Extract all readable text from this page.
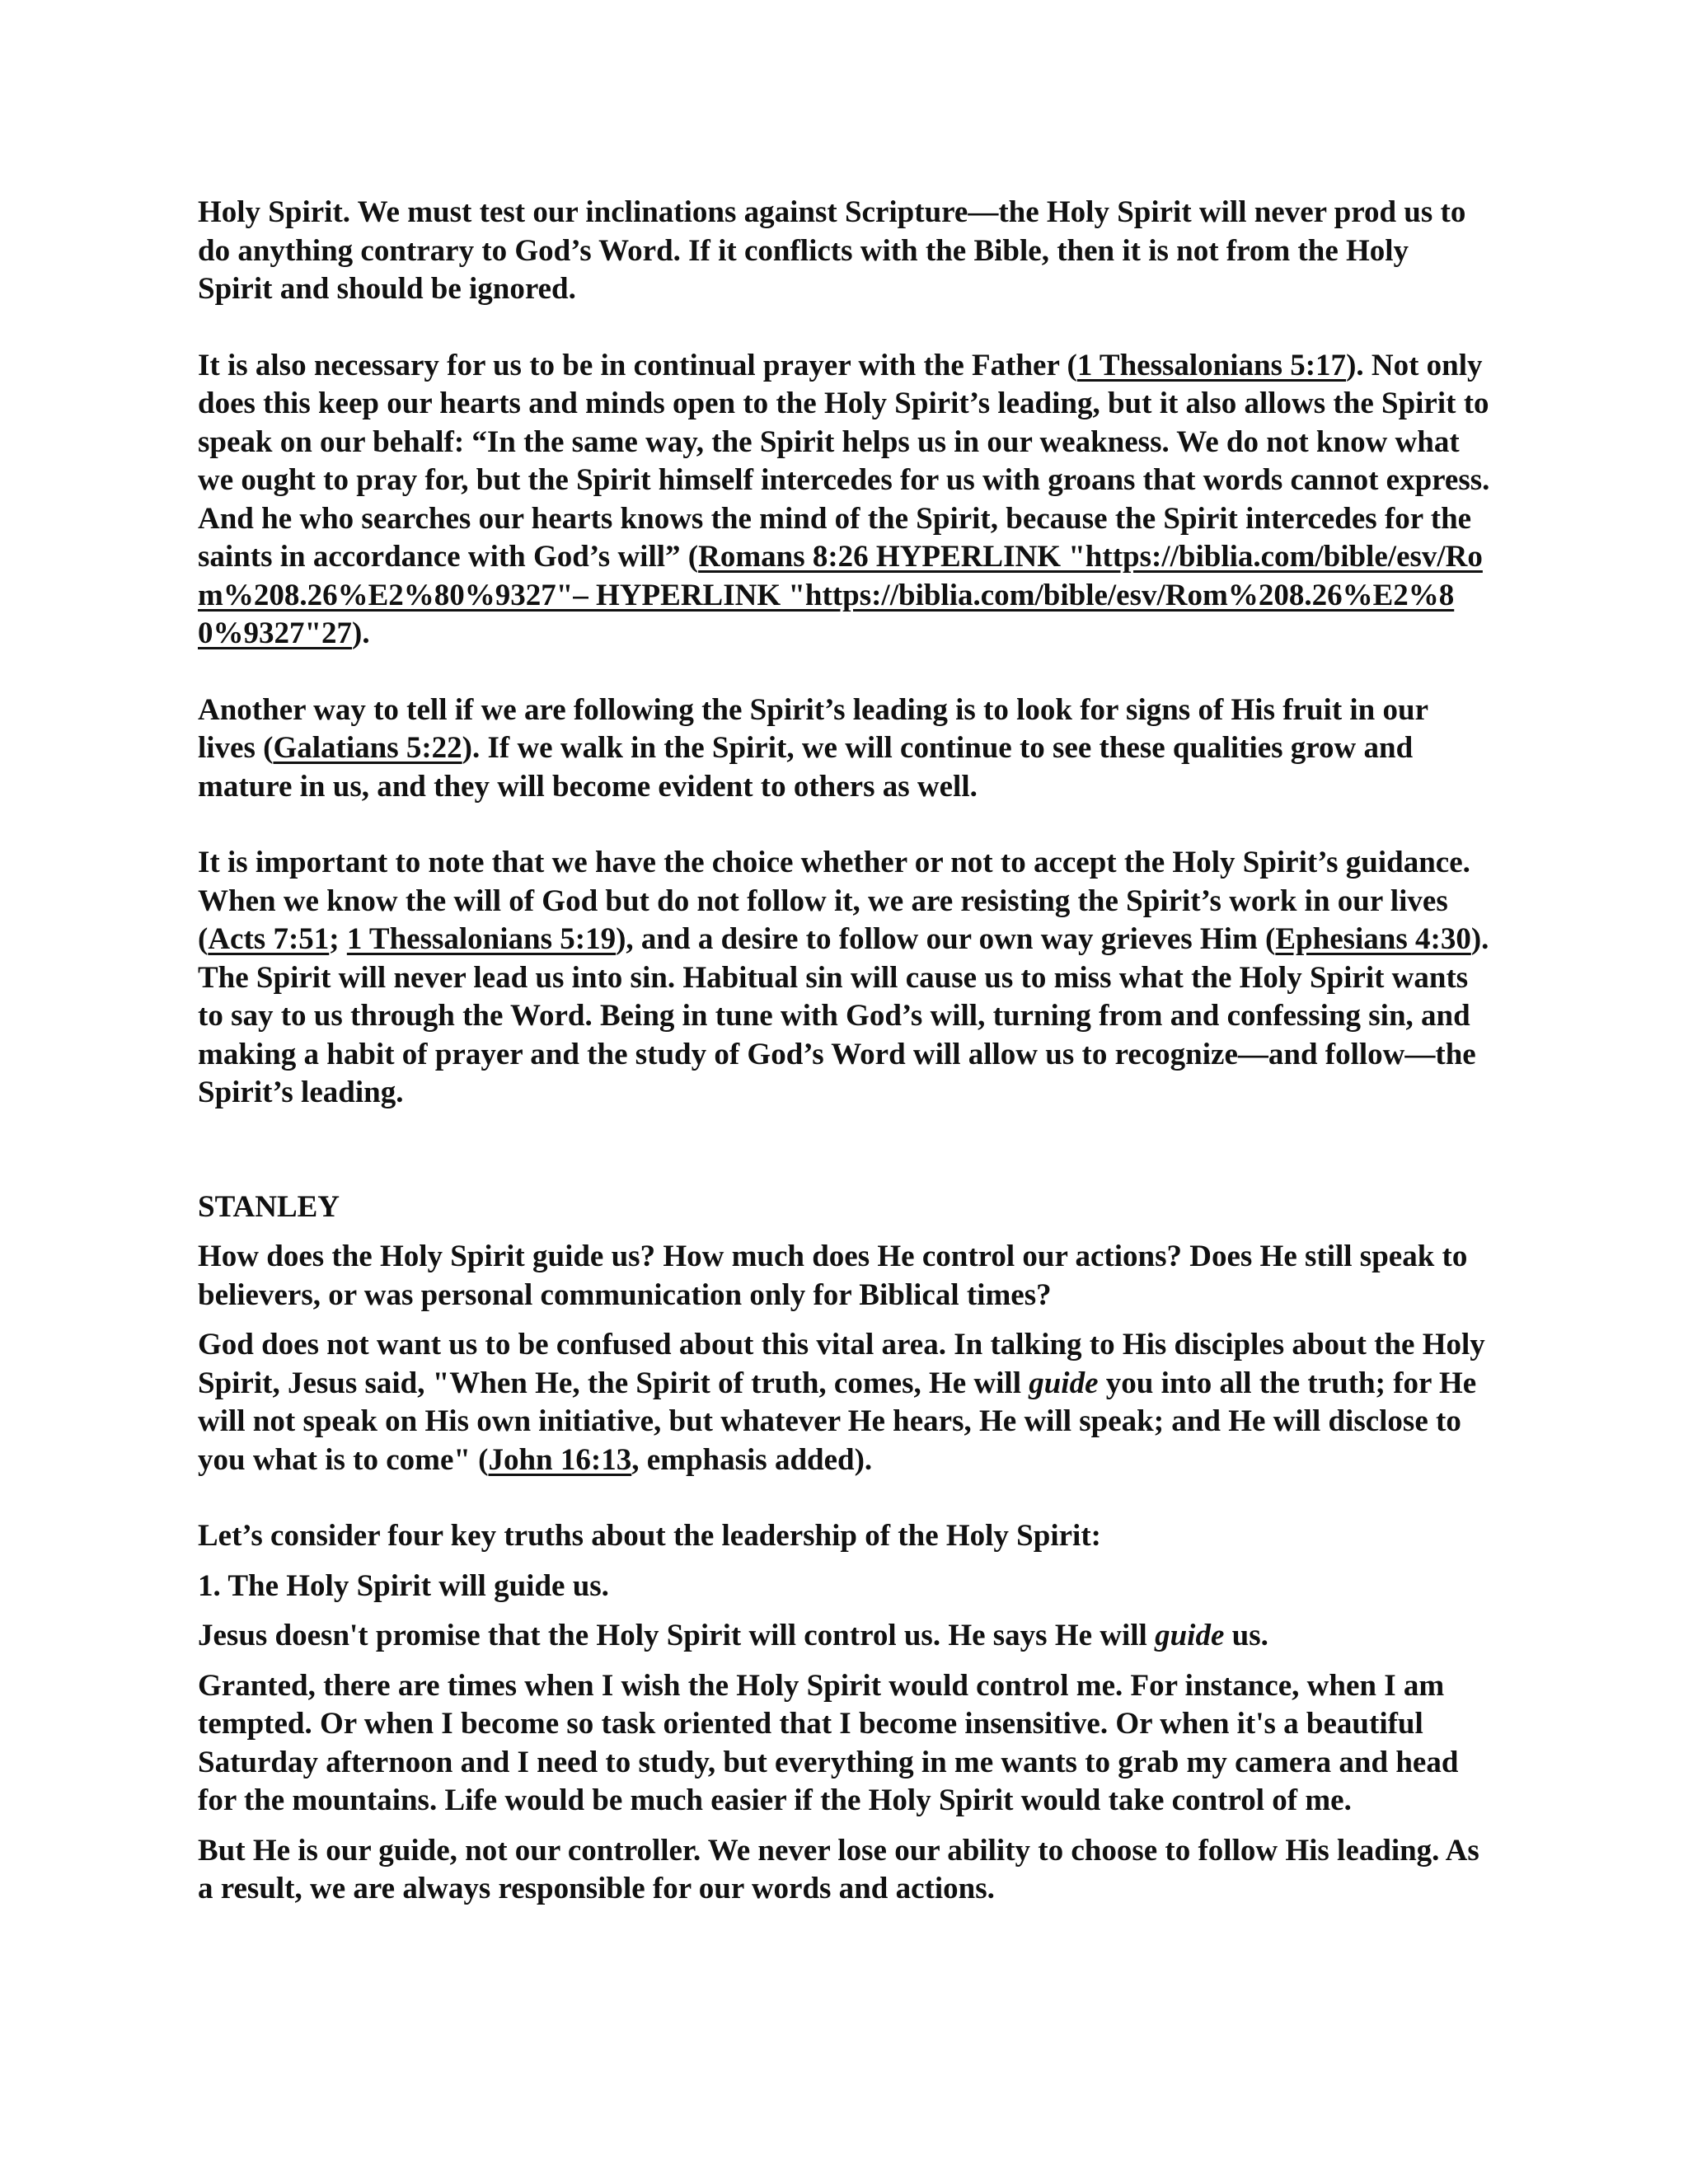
Holy Spirit. We must test our inclinations against Scripture—the Holy Spirit will never prod us to do anything contrary to God’s Word. If it conflicts with the Bible, then it is not from the Holy Spirit and should be ignored.

It is also necessary for us to be in continual prayer with the Father (1 Thessalonians 5:17). Not only does this keep our hearts and minds open to the Holy Spirit’s leading, but it also allows the Spirit to speak on our behalf: “In the same way, the Spirit helps us in our weakness. We do not know what we ought to pray for, but the Spirit himself intercedes for us with groans that words cannot express. And he who searches our hearts knows the mind of the Spirit, because the Spirit intercedes for the saints in accordance with God’s will” (Romans 8:26 HYPERLINK "https://biblia.com/bible/esv/Rom%208.26%E2%80%9327"– HYPERLINK "https://biblia.com/bible/esv/Rom%208.26%E2%80%9327"27).

Another way to tell if we are following the Spirit’s leading is to look for signs of His fruit in our lives (Galatians 5:22). If we walk in the Spirit, we will continue to see these qualities grow and mature in us, and they will become evident to others as well.

It is important to note that we have the choice whether or not to accept the Holy Spirit’s guidance. When we know the will of God but do not follow it, we are resisting the Spirit’s work in our lives (Acts 7:51; 1 Thessalonians 5:19), and a desire to follow our own way grieves Him (Ephesians 4:30). The Spirit will never lead us into sin. Habitual sin will cause us to miss what the Holy Spirit wants to say to us through the Word. Being in tune with God’s will, turning from and confessing sin, and making a habit of prayer and the study of God’s Word will allow us to recognize—and follow—the Spirit’s leading.

STANLEY

How does the Holy Spirit guide us? How much does He control our actions? Does He still speak to believers, or was personal communication only for Biblical times?

God does not want us to be confused about this vital area. In talking to His disciples about the Holy Spirit, Jesus said, "When He, the Spirit of truth, comes, He will guide you into all the truth; for He will not speak on His own initiative, but whatever He hears, He will speak; and He will disclose to you what is to come" (John 16:13, emphasis added).

Let’s consider four key truths about the leadership of the Holy Spirit:

1. The Holy Spirit will guide us.

Jesus doesn't promise that the Holy Spirit will control us. He says He will guide us.

Granted, there are times when I wish the Holy Spirit would control me. For instance, when I am tempted. Or when I become so task oriented that I become insensitive. Or when it's a beautiful Saturday afternoon and I need to study, but everything in me wants to grab my camera and head for the mountains. Life would be much easier if the Holy Spirit would take control of me.

But He is our guide, not our controller. We never lose our ability to choose to follow His leading. As a result, we are always responsible for our words and actions.
